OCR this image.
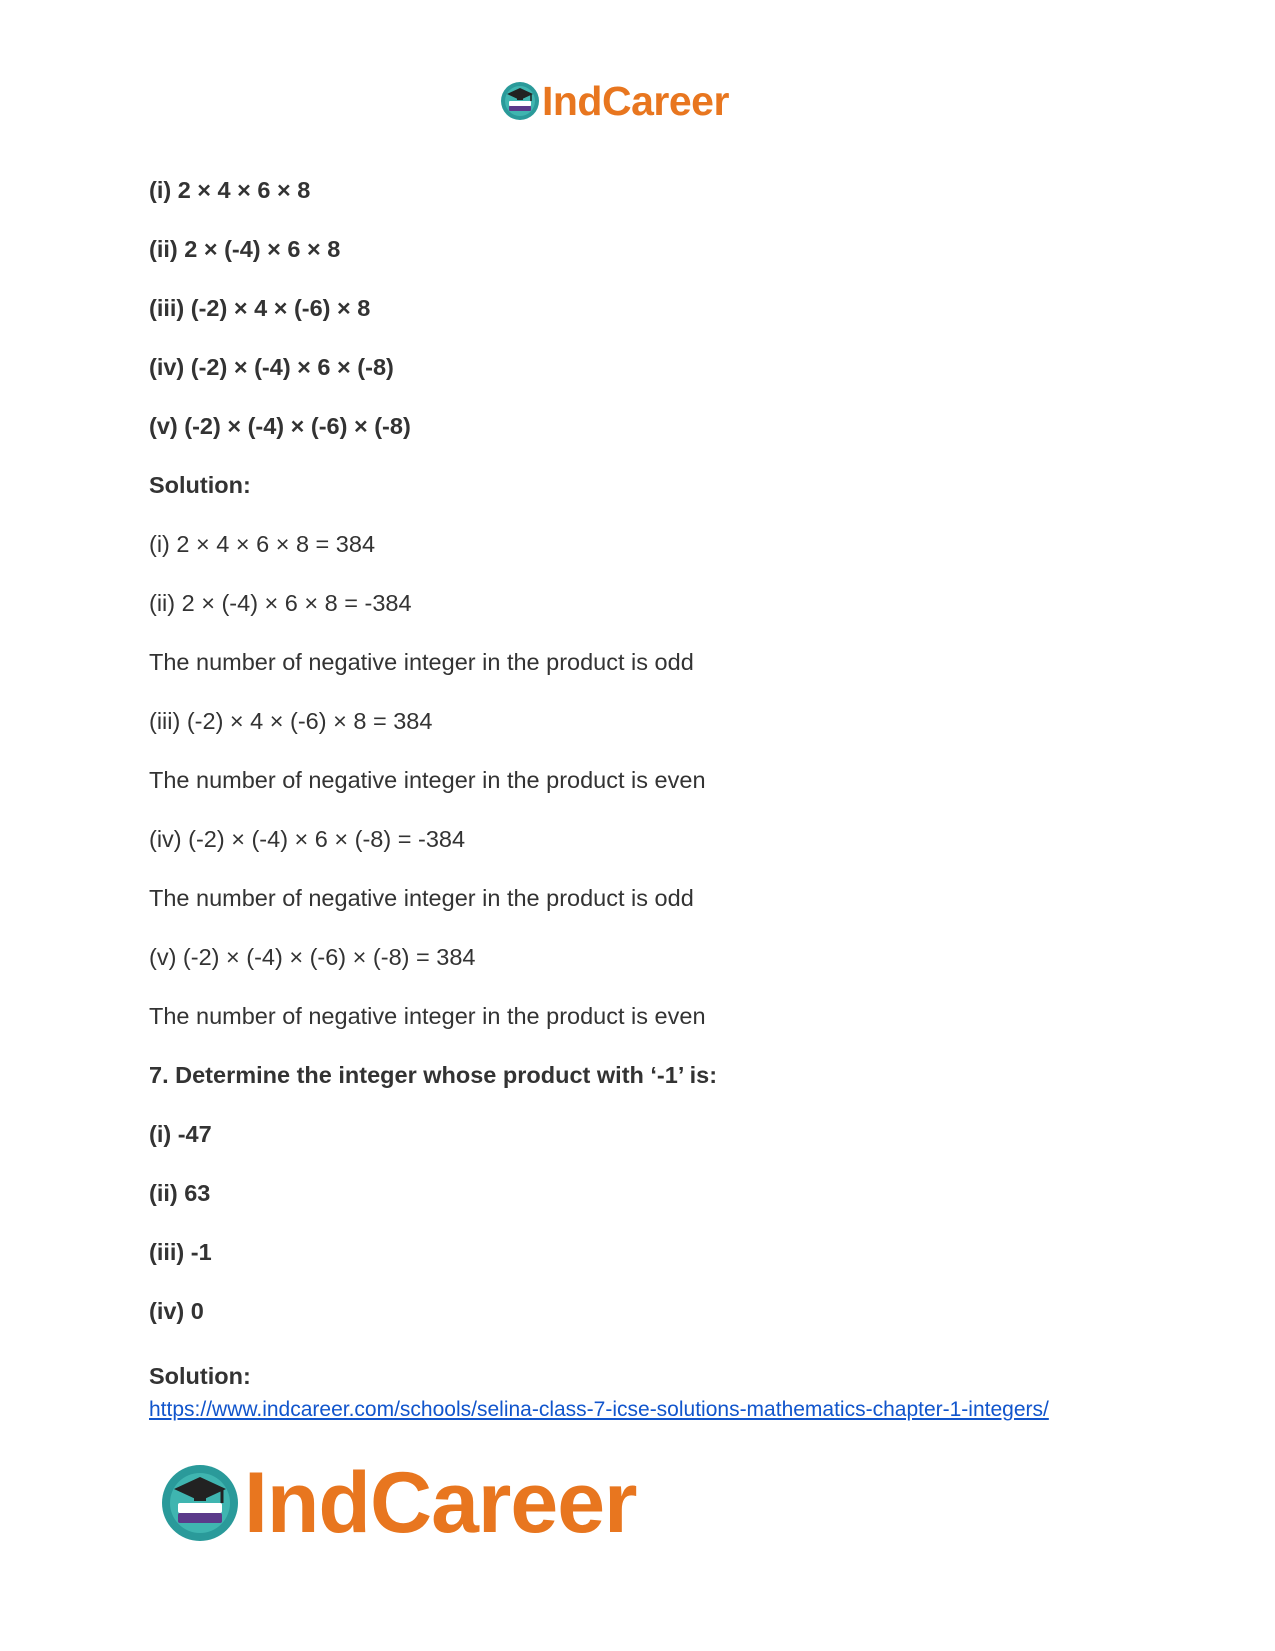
IndCareer
(i) 2 × 4 × 6 × 8
(ii) 2 × (-4) × 6 × 8
(iii) (-2) × 4 × (-6) × 8
(iv) (-2) × (-4) × 6 × (-8)
(v) (-2) × (-4) × (-6) × (-8)
Solution:
(i) 2 × 4 × 6 × 8 = 384
(ii) 2 × (-4) × 6 × 8 = -384
The number of negative integer in the product is odd
(iii) (-2) × 4 × (-6) × 8 = 384
The number of negative integer in the product is even
(iv) (-2) × (-4) × 6 × (-8) = -384
The number of negative integer in the product is odd
(v) (-2) × (-4) × (-6) × (-8) = 384
The number of negative integer in the product is even
7. Determine the integer whose product with ‘-1’ is:
(i) -47
(ii) 63
(iii) -1
(iv) 0
Solution:
https://www.indcareer.com/schools/selina-class-7-icse-solutions-mathematics-chapter-1-integers/
IndCareer
